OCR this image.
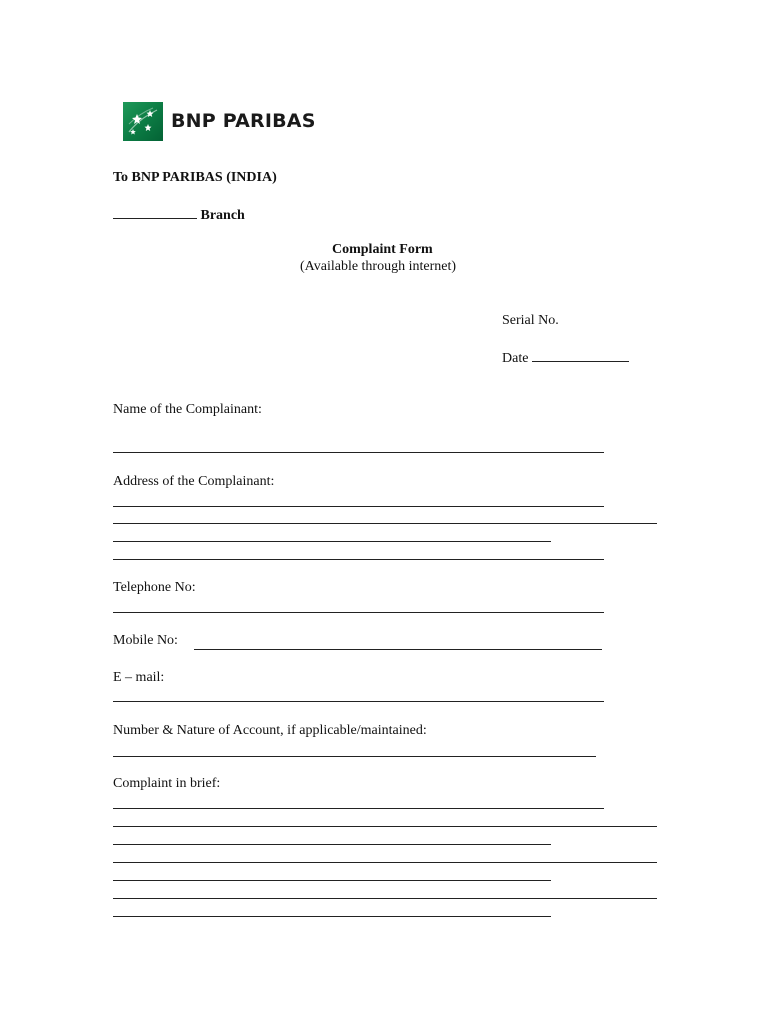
BNP PARIBAS
To BNP PARIBAS (INDIA)
Branch
Complaint Form
(Available through internet)
Serial No.
Date
Name of the Complainant:
Address of the Complainant:
Telephone No:
Mobile No:
E – mail:
Number & Nature of Account, if applicable/maintained:
Complaint in brief:
